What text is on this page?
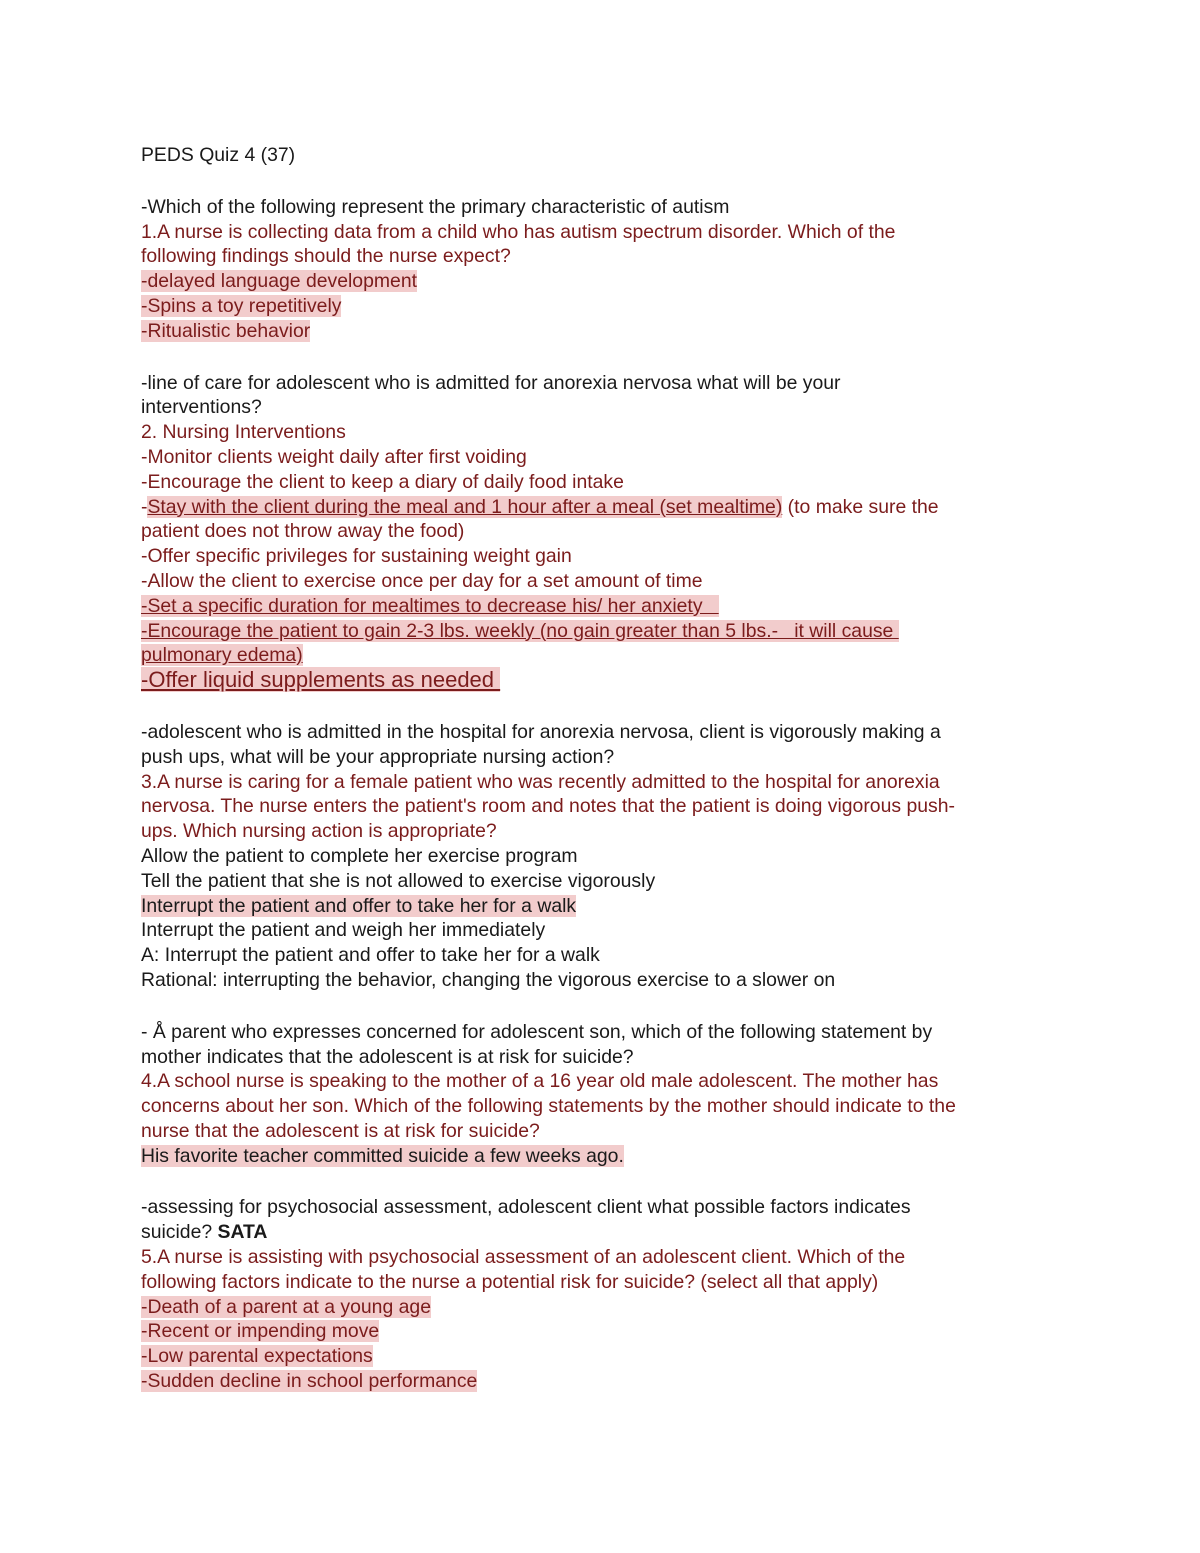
PEDS Quiz 4 (37)
-Which of the following represent the primary characteristic of autism
1.A nurse is collecting data from a child who has autism spectrum disorder. Which of the
following findings should the nurse expect?
-delayed language development
-Spins a toy repetitively
-Ritualistic behavior
-line of care for adolescent who is admitted for anorexia nervosa what will be your
interventions?
2. Nursing Interventions
-Monitor clients weight daily after first voiding
-Encourage the client to keep a diary of daily food intake
-Stay with the client during the meal and 1 hour after a meal (set mealtime) (to make sure the
patient does not throw away the food)
-Offer specific privileges for sustaining weight gain
-Allow the client to exercise once per day for a set amount of time
-Set a specific duration for mealtimes to decrease his/ her anxiety
-Encourage the patient to gain 2-3 lbs. weekly (no gain greater than 5 lbs.-   it will cause
pulmonary edema)
-Offer liquid supplements as needed
-adolescent who is admitted in the hospital for anorexia nervosa, client is vigorously making a
push ups, what will be your appropriate nursing action?
3.A nurse is caring for a female patient who was recently admitted to the hospital for anorexia
nervosa. The nurse enters the patient's room and notes that the patient is doing vigorous push-
ups. Which nursing action is appropriate?
Allow the patient to complete her exercise program
Tell the patient that she is not allowed to exercise vigorously
Interrupt the patient and offer to take her for a walk
Interrupt the patient and weigh her immediately
A: Interrupt the patient and offer to take her for a walk
Rational: interrupting the behavior, changing the vigorous exercise to a slower on
- Å parent who expresses concerned for adolescent son, which of the following statement by
mother indicates that the adolescent is at risk for suicide?
4.A school nurse is speaking to the mother of a 16 year old male adolescent. The mother has
concerns about her son. Which of the following statements by the mother should indicate to the
nurse that the adolescent is at risk for suicide?
His favorite teacher committed suicide a few weeks ago.
-assessing for psychosocial assessment, adolescent client what possible factors indicates
suicide? SATA
5.A nurse is assisting with psychosocial assessment of an adolescent client. Which of the
following factors indicate to the nurse a potential risk for suicide? (select all that apply)
-Death of a parent at a young age
-Recent or impending move
-Low parental expectations
-Sudden decline in school performance
